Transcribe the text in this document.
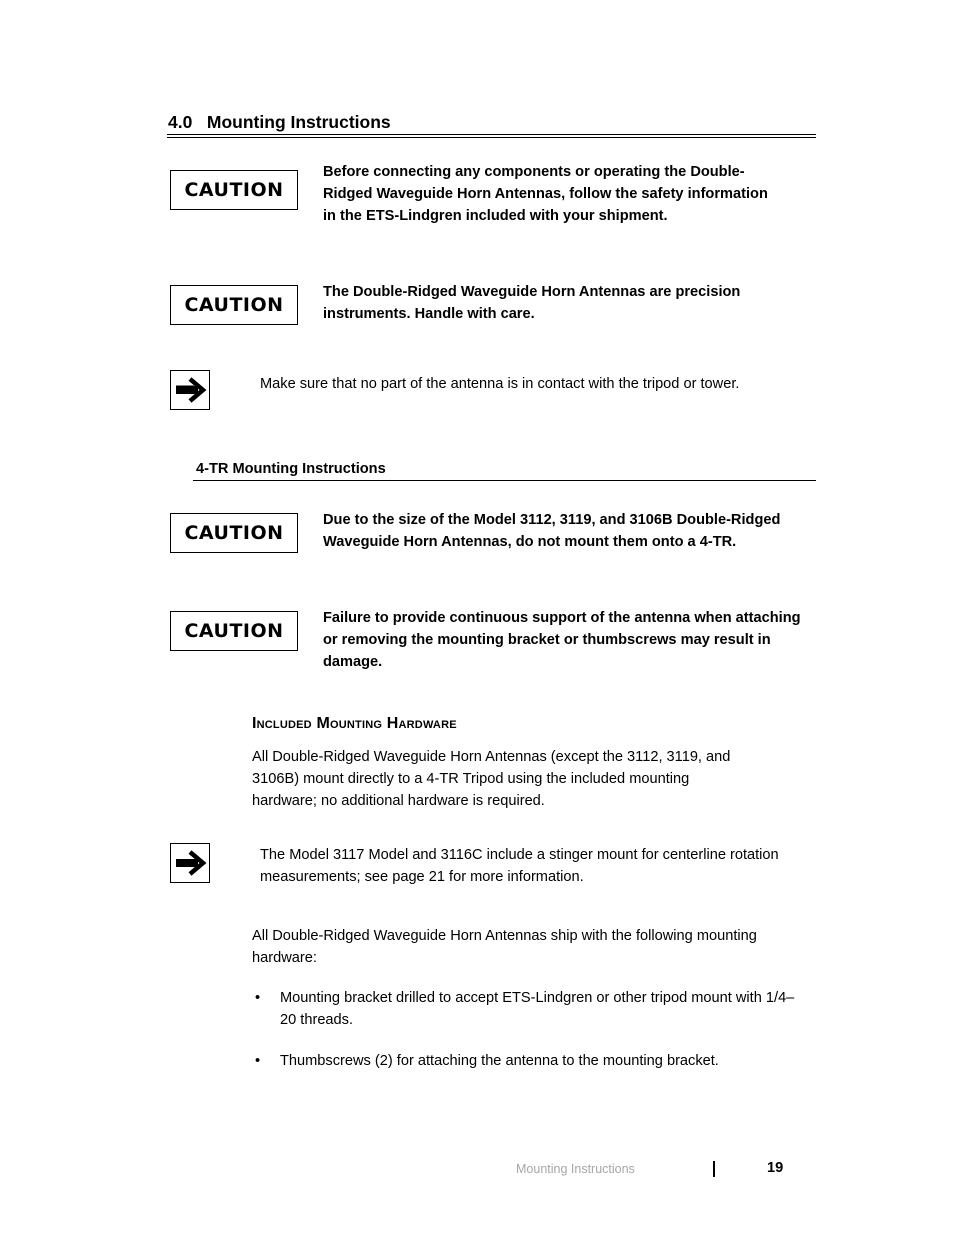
4.0   Mounting Instructions
CAUTION
Before connecting any components or operating the Double-Ridged Waveguide Horn Antennas, follow the safety information in the ETS-Lindgren included with your shipment.
CAUTION
The Double-Ridged Waveguide Horn Antennas are precision instruments. Handle with care.
Make sure that no part of the antenna is in contact with the tripod or tower.
4-TR Mounting Instructions
CAUTION
Due to the size of the Model 3112, 3119, and 3106B Double-Ridged Waveguide Horn Antennas, do not mount them onto a 4-TR.
CAUTION
Failure to provide continuous support of the antenna when attaching or removing the mounting bracket or thumbscrews may result in damage.
Included Mounting Hardware
All Double-Ridged Waveguide Horn Antennas (except the 3112, 3119, and 3106B) mount directly to a 4-TR Tripod using the included mounting hardware; no additional hardware is required.
The Model 3117 Model and 3116C include a stinger mount for centerline rotation measurements; see page 21 for more information.
All Double-Ridged Waveguide Horn Antennas ship with the following mounting hardware:
• Mounting bracket drilled to accept ETS-Lindgren or other tripod mount with 1/4–20 threads.
• Thumbscrews (2) for attaching the antenna to the mounting bracket.
Mounting Instructions	19
